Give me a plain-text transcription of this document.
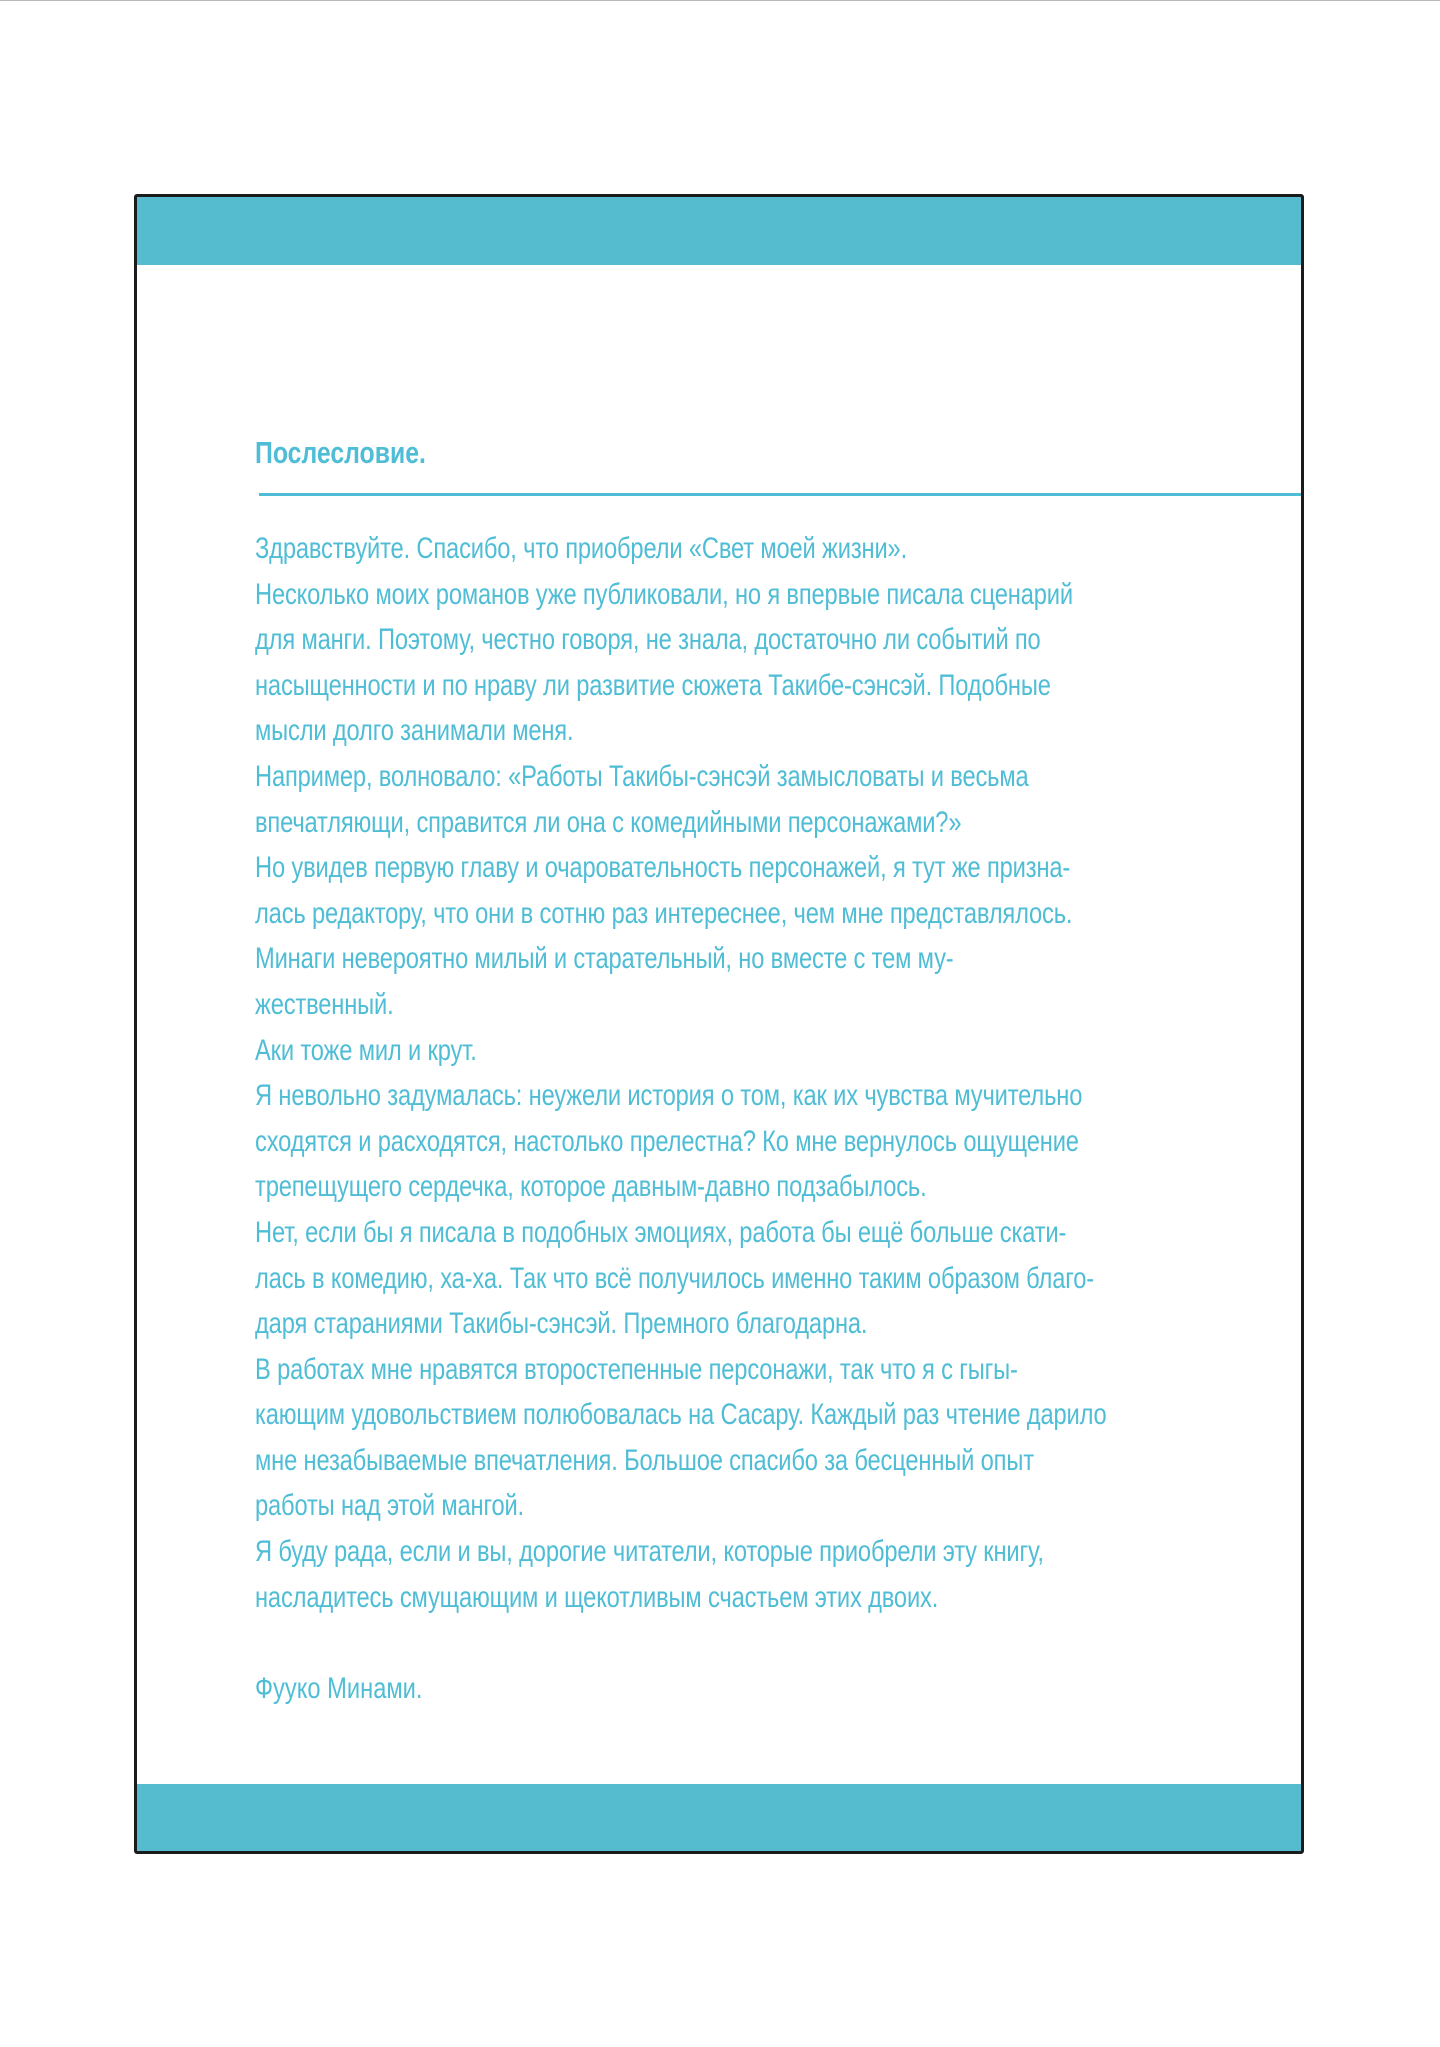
Послесловие.
Здравствуйте. Спасибо, что приобрели «Свет моей жизни».
Несколько моих романов уже публиковали, но я впервые писала сценарий
для манги. Поэтому, честно говоря, не знала, достаточно ли событий по
насыщенности и по нраву ли развитие сюжета Такибе-сэнсэй. Подобные
мысли долго занимали меня.
Например, волновало: «Работы Такибы-сэнсэй замысловаты и весьма
впечатляющи, справится ли она с комедийными персонажами?»
Но увидев первую главу и очаровательность персонажей, я тут же призна-
лась редактору, что они в сотню раз интереснее, чем мне представлялось.
Минаги невероятно милый и старательный, но вместе с тем му-
жественный.
Аки тоже мил и крут.
Я невольно задумалась: неужели история о том, как их чувства мучительно
сходятся и расходятся, настолько прелестна? Ко мне вернулось ощущение
трепещущего сердечка, которое давным-давно подзабылось.
Нет, если бы я писала в подобных эмоциях, работа бы ещё больше скати-
лась в комедию, ха-ха. Так что всё получилось именно таким образом благо-
даря стараниями Такибы-сэнсэй. Премного благодарна.
В работах мне нравятся второстепенные персонажи, так что я с гыгы-
кающим удовольствием полюбовалась на Сасару. Каждый раз чтение дарило
мне незабываемые впечатления. Большое спасибо за бесценный опыт
работы над этой мангой.
Я буду рада, если и вы, дорогие читатели, которые приобрели эту книгу,
насладитесь смущающим и щекотливым счастьем этих двоих.
Фууко Минами.
